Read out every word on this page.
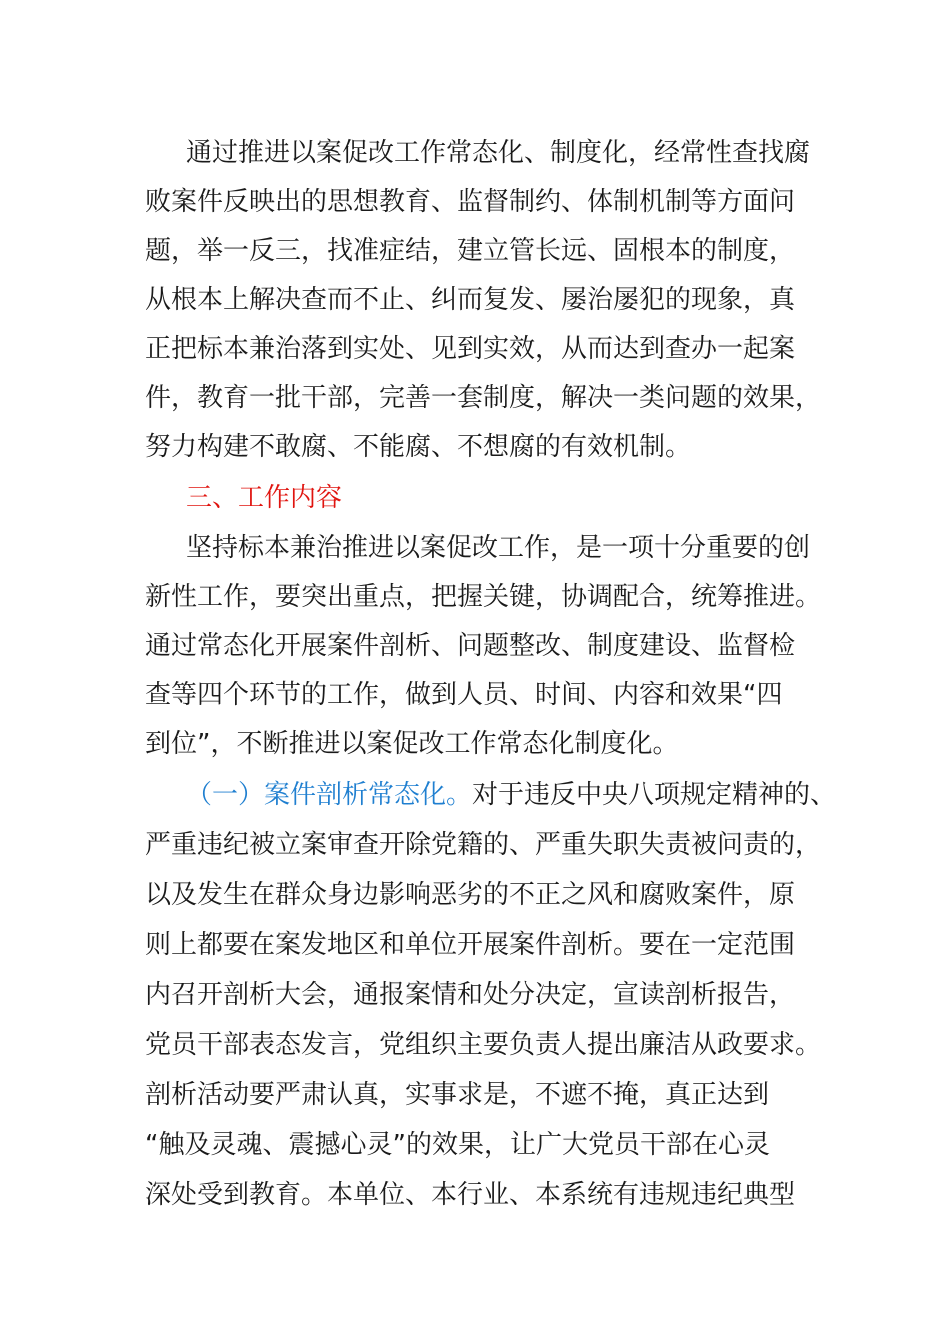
通过推进以案促改工作常态化、制度化，经常性查找腐
败案件反映出的思想教育、监督制约、体制机制等方面问
题，举一反三，找准症结，建立管长远、固根本的制度，
从根本上解决查而不止、纠而复发、屡治屡犯的现象，真
正把标本兼治落到实处、见到实效，从而达到查办一起案
件，教育一批干部，完善一套制度，解决一类问题的效果，
努力构建不敢腐、不能腐、不想腐的有效机制。
三、工作内容
坚持标本兼治推进以案促改工作，是一项十分重要的创
新性工作，要突出重点，把握关键，协调配合，统筹推进。
通过常态化开展案件剖析、问题整改、制度建设、监督检
查等四个环节的工作，做到人员、时间、内容和效果“四
到位”，不断推进以案促改工作常态化制度化。
（一）案件剖析常态化。对于违反中央八项规定精神的、
严重违纪被立案审查开除党籍的、严重失职失责被问责的，
以及发生在群众身边影响恶劣的不正之风和腐败案件，原
则上都要在案发地区和单位开展案件剖析。要在一定范围
内召开剖析大会，通报案情和处分决定，宣读剖析报告，
党员干部表态发言，党组织主要负责人提出廉洁从政要求。
剖析活动要严肃认真，实事求是，不遮不掩，真正达到
“触及灵魂、震撼心灵”的效果，让广大党员干部在心灵
深处受到教育。本单位、本行业、本系统有违规违纪典型
